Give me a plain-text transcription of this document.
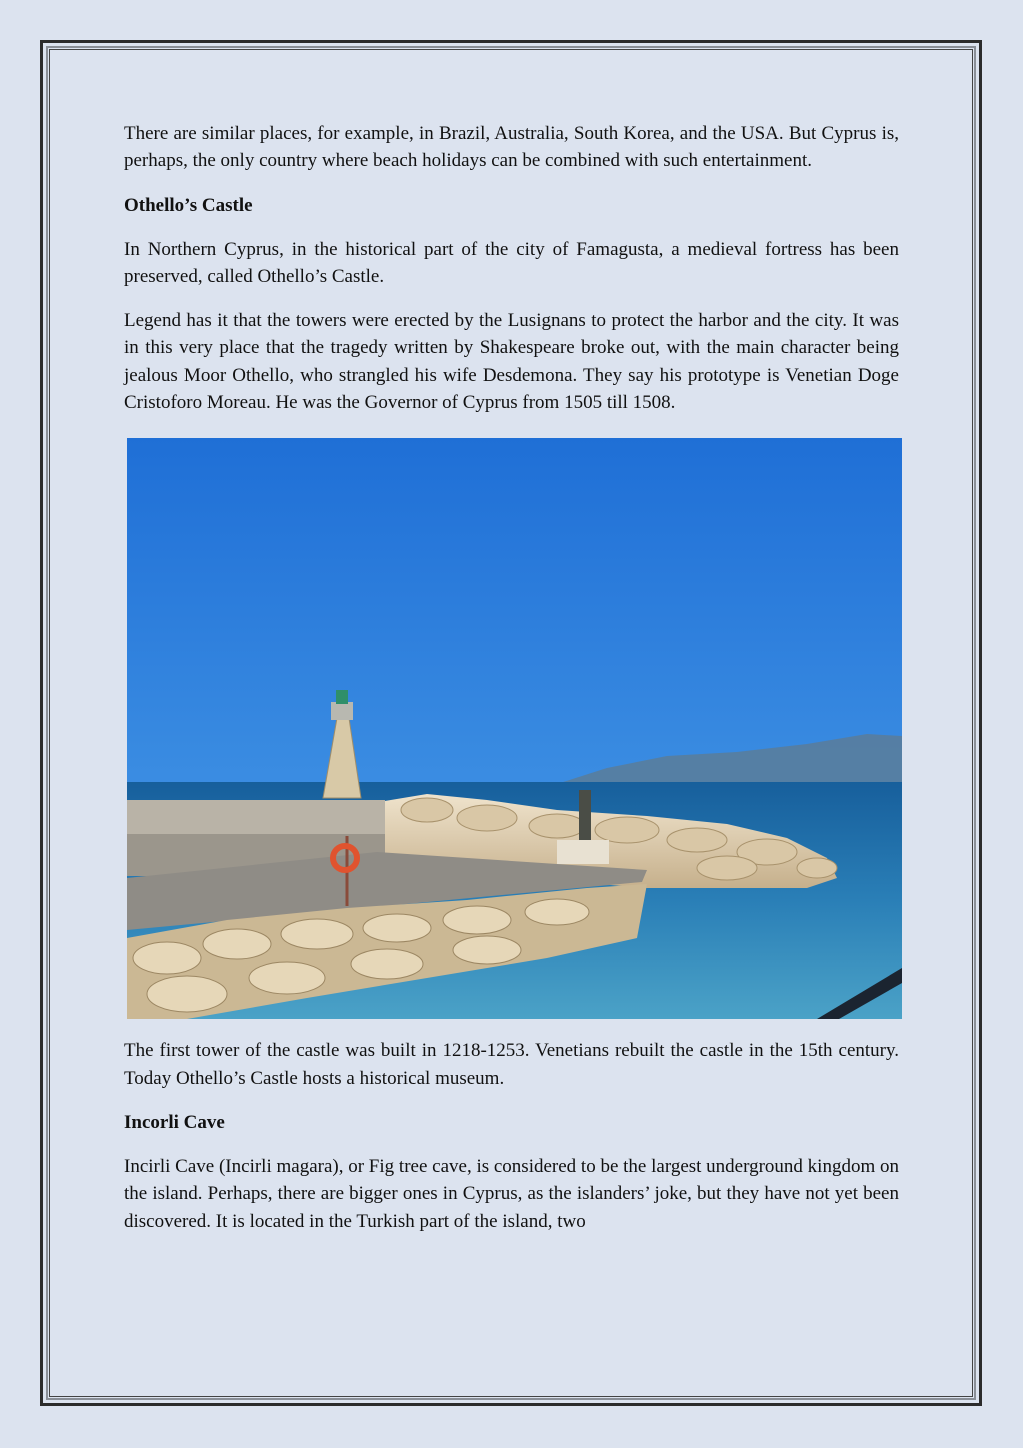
There are similar places, for example, in Brazil, Australia, South Korea, and the USA. But Cyprus is, perhaps, the only country where beach holidays can be combined with such entertainment.

Othello’s Castle

In Northern Cyprus, in the historical part of the city of Famagusta, a medieval fortress has been preserved, called Othello’s Castle.

Legend has it that the towers were erected by the Lusignans to protect the harbor and the city. It was in this very place that the tragedy written by Shakespeare broke out, with the main character being jealous Moor Othello, who strangled his wife Desdemona. They say his prototype is Venetian Doge Cristoforo Moreau. He was the Governor of Cyprus from 1505 till 1508.

The first tower of the castle was built in 1218-1253. Venetians rebuilt the castle in the 15th century. Today Othello’s Castle hosts a historical museum.

Incorli Cave

Incirli Cave (Incirli magara), or Fig tree cave, is considered to be the largest underground kingdom on the island. Perhaps, there are bigger ones in Cyprus, as the islanders’ joke, but they have not yet been discovered. It is located in the Turkish part of the island, two
